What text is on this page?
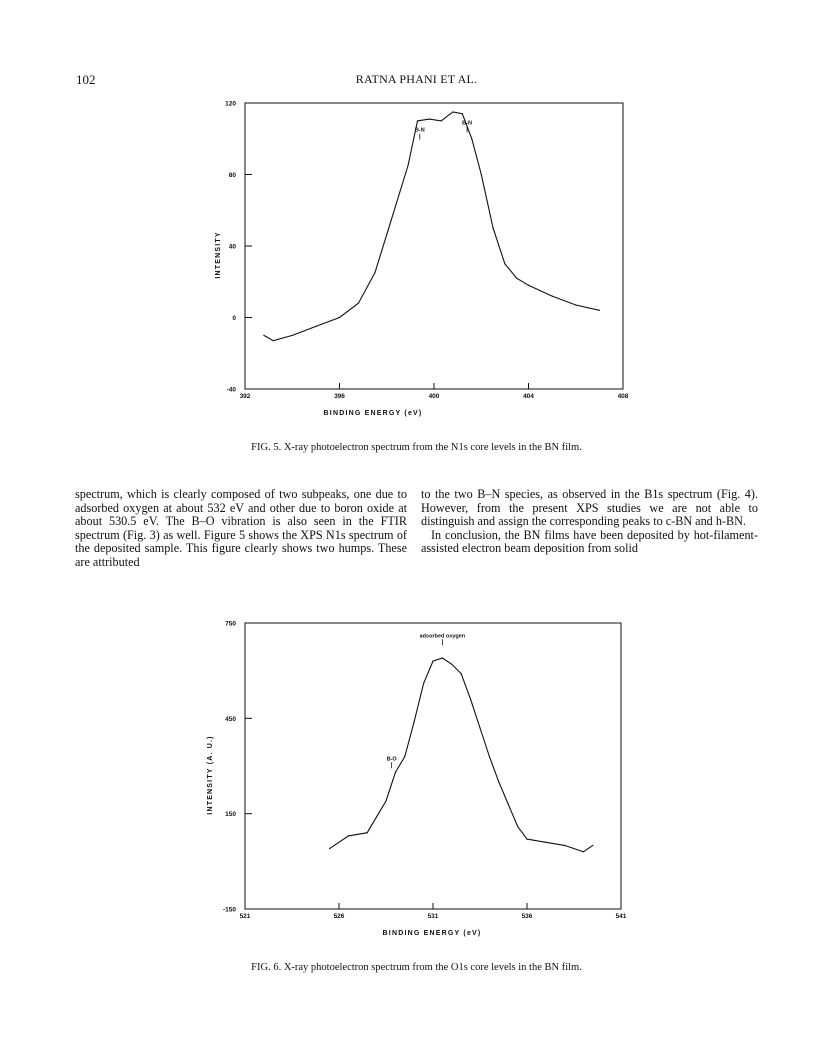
102	RATNA PHANI ET AL.
392	396	400	404	408
120
80
40
0
-40
B-N
B-N
BINDING ENERGY (eV)
INTENSITY
FIG. 5. X-ray photoelectron spectrum from the N1s core levels in the BN film.

spectrum, which is clearly composed of two subpeaks, one due to adsorbed oxygen at about 532 eV and other due to boron oxide at about 530.5 eV. The B–O vibration is also seen in the FTIR spectrum (Fig. 3) as well. Figure 5 shows the XPS N1s spectrum of the deposited sample. This figure clearly shows two humps. These are attributed

to the two B–N species, as observed in the B1s spectrum (Fig. 4). However, from the present XPS studies we are not able to distinguish and assign the corresponding peaks to c-BN and h-BN.

In conclusion, the BN films have been deposited by hot-filament-assisted electron beam deposition from solid

521	526	531	536	541
750
450
150
-150
adsorbed oxygen
B-O
BINDING ENERGY (eV)
INTENSITY (A. U.)
FIG. 6. X-ray photoelectron spectrum from the O1s core levels in the BN film.
